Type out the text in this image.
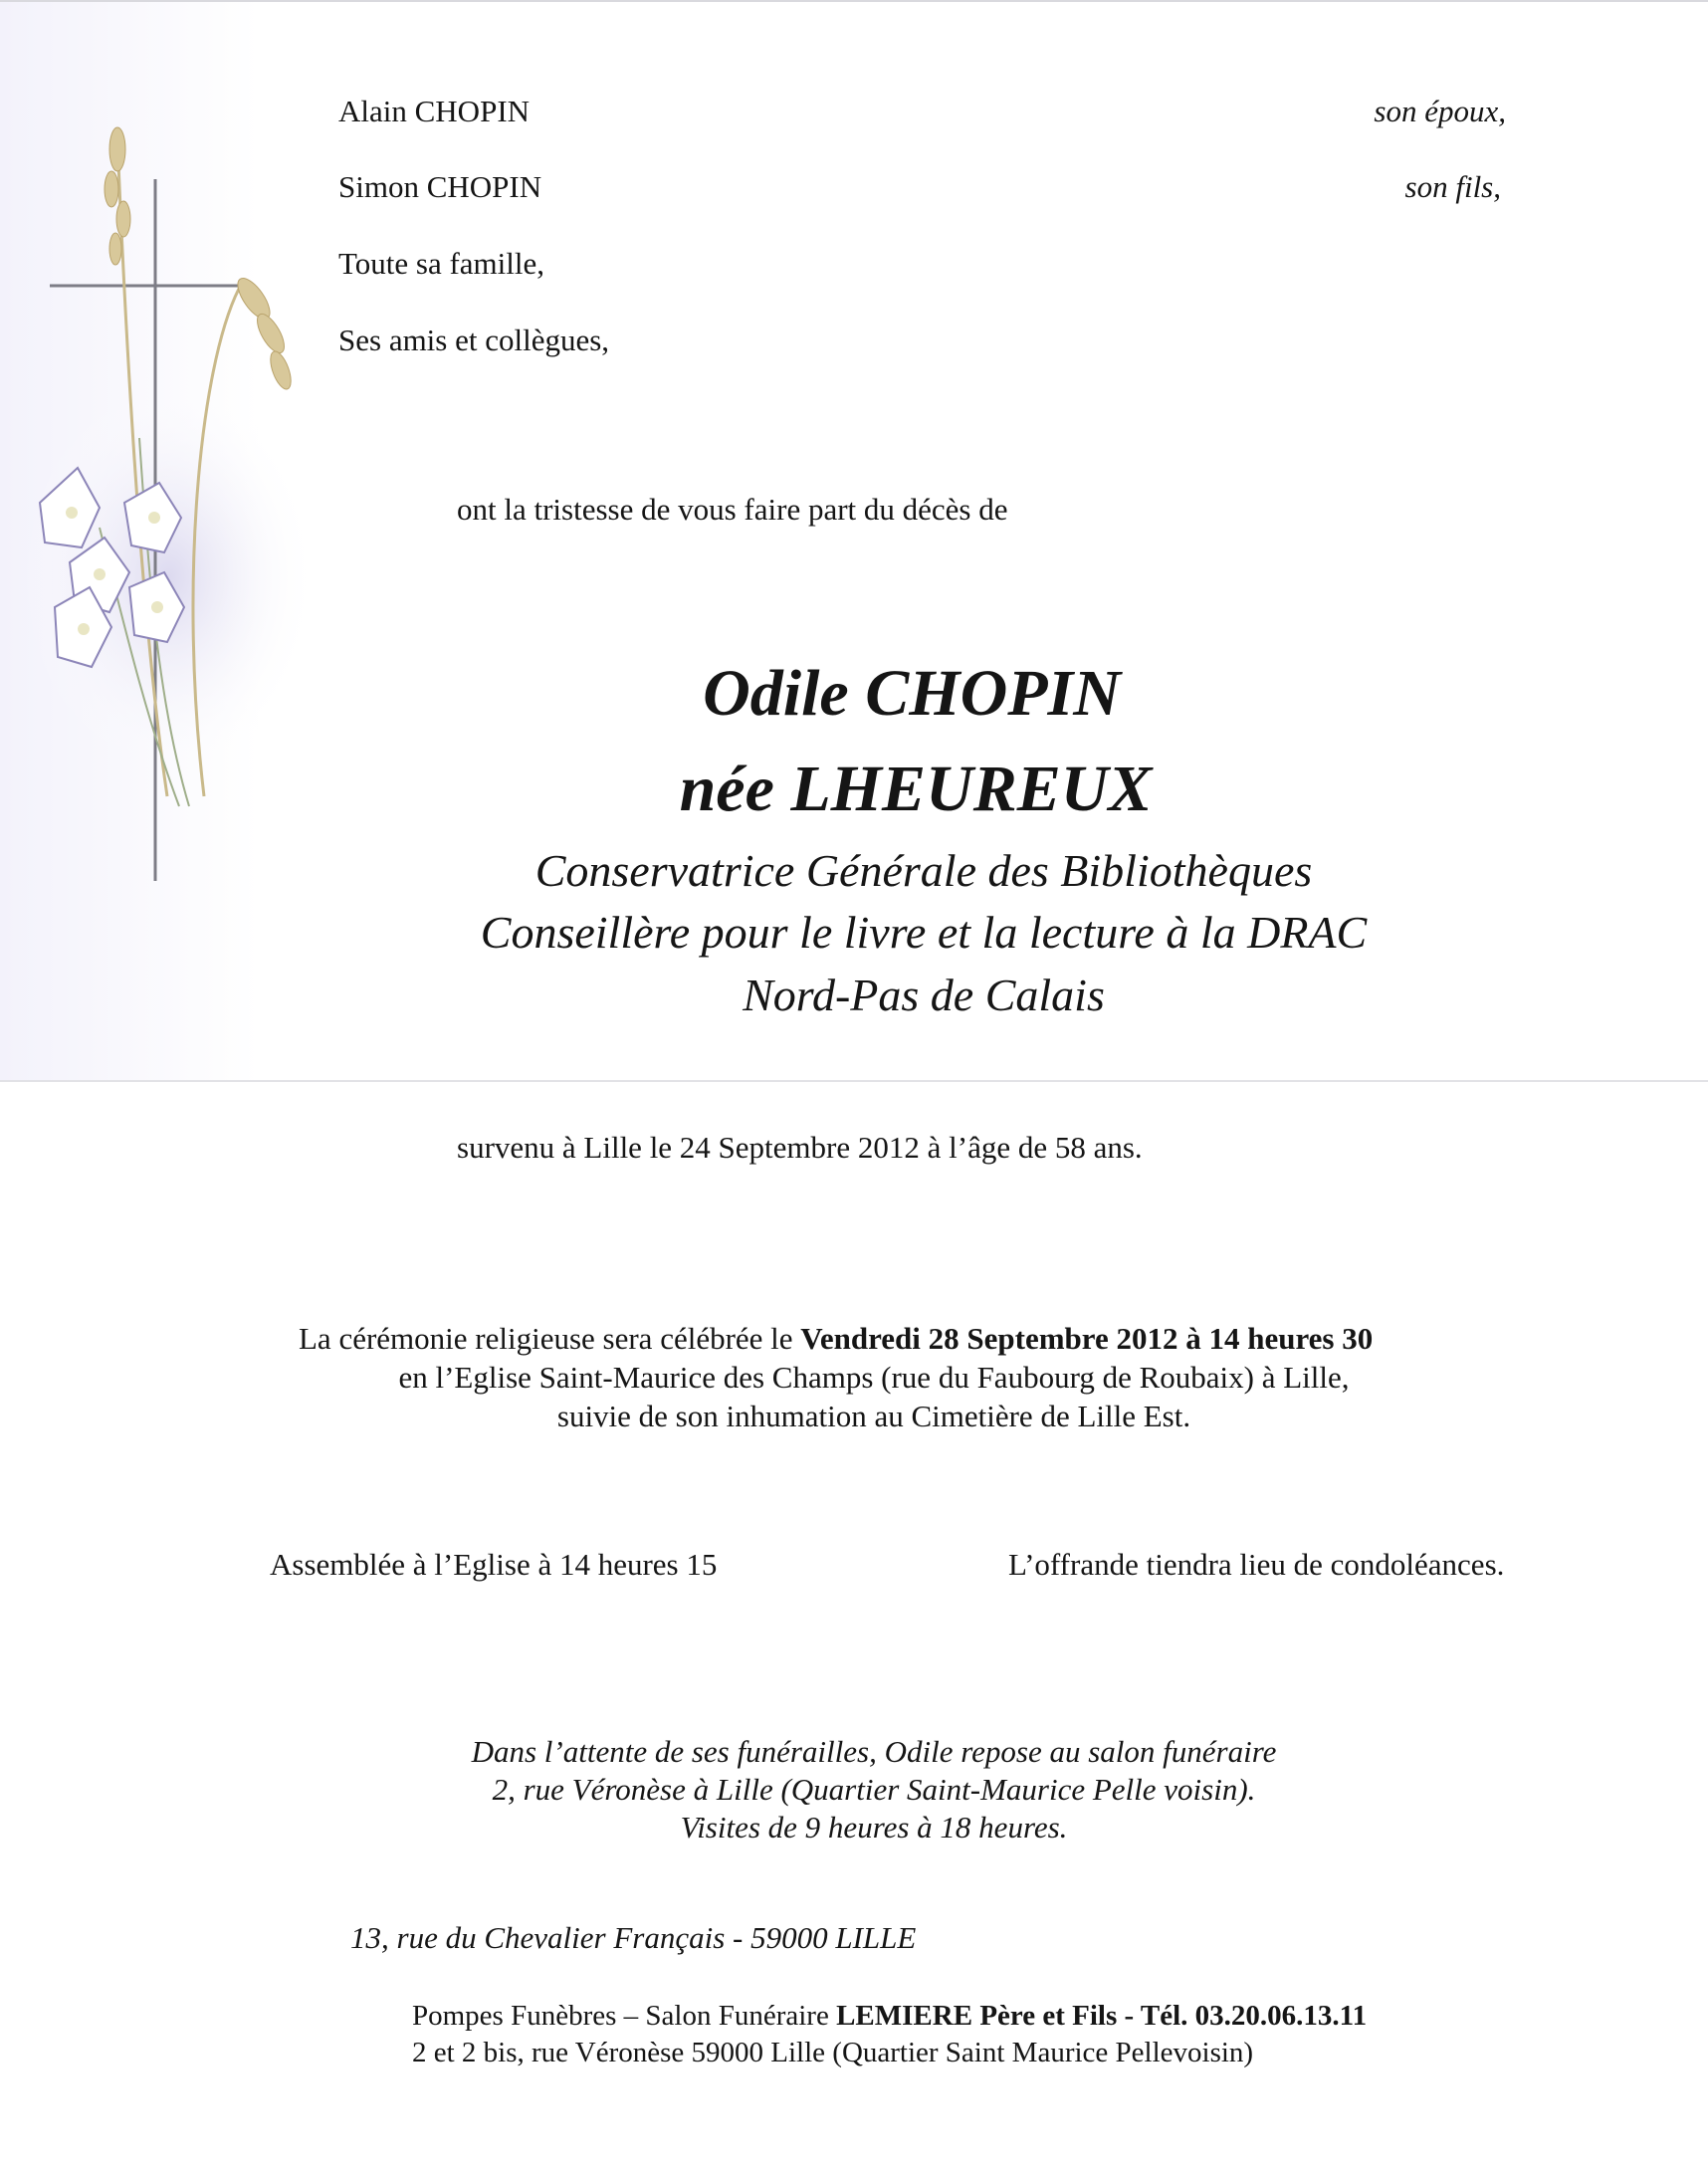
Alain CHOPIN	son époux,
Simon CHOPIN	son fils,
Toute sa famille,
Ses amis et collègues,
ont la tristesse de vous faire part du décès de
Odile CHOPIN
née LHEUREUX
Conservatrice Générale des Bibliothèques
Conseillère pour le livre et la lecture à la DRAC
Nord-Pas de Calais
survenu à Lille le 24 Septembre 2012 à l’âge de 58 ans.
La cérémonie religieuse sera célébrée le Vendredi 28 Septembre 2012 à 14 heures 30
en l’Eglise Saint-Maurice des Champs (rue du Faubourg de Roubaix) à Lille,
suivie de son inhumation au Cimetière de Lille Est.
Assemblée à l’Eglise à 14 heures 15	L’offrande tiendra lieu de condoléances.
Dans l’attente de ses funérailles, Odile repose au salon funéraire
2, rue Véronèse à Lille (Quartier Saint-Maurice Pelle voisin).
Visites de 9 heures à 18 heures.
13, rue du Chevalier Français - 59000 LILLE
Pompes Funèbres – Salon Funéraire LEMIERE Père et Fils - Tél. 03.20.06.13.11
2 et 2 bis, rue Véronèse 59000 Lille (Quartier Saint Maurice Pellevoisin)
